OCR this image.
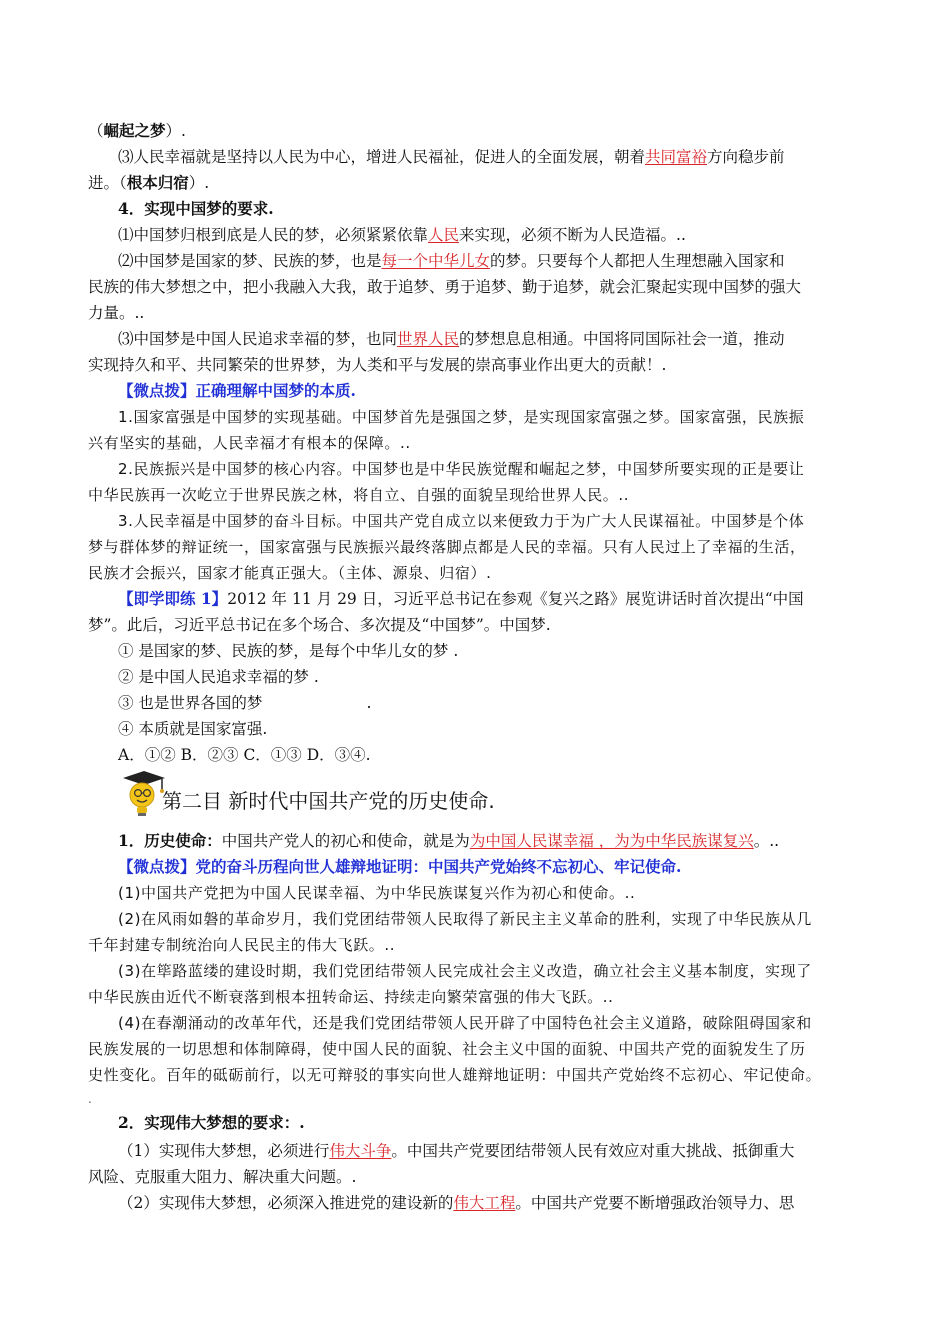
（崛起之梦）.
⑶人民幸福就是坚持以人民为中心，增进人民福祉，促进人的全面发展，朝着共同富裕方向稳步前
进。（根本归宿）.
4．实现中国梦的要求.
⑴中国梦归根到底是人民的梦，必须紧紧依靠人民来实现，必须不断为人民造福。..
⑵中国梦是国家的梦、民族的梦，也是每一个中华儿女的梦。只要每个人都把人生理想融入国家和
民族的伟大梦想之中，把小我融入大我，敢于追梦、勇于追梦、勤于追梦，就会汇聚起实现中国梦的强大
力量。..
⑶中国梦是中国人民追求幸福的梦，也同世界人民的梦想息息相通。中国将同国际社会一道，推动
实现持久和平、共同繁荣的世界梦，为人类和平与发展的崇高事业作出更大的贡献！.
【微点拨】正确理解中国梦的本质.
1.国家富强是中国梦的实现基础。中国梦首先是强国之梦，是实现国家富强之梦。国家富强，民族振
兴有坚实的基础，人民幸福才有根本的保障。..
2.民族振兴是中国梦的核心内容。中国梦也是中华民族觉醒和崛起之梦，中国梦所要实现的正是要让
中华民族再一次屹立于世界民族之林，将自立、自强的面貌呈现给世界人民。..
3.人民幸福是中国梦的奋斗目标。中国共产党自成立以来便致力于为广大人民谋福祉。中国梦是个体
梦与群体梦的辩证统一，国家富强与民族振兴最终落脚点都是人民的幸福。只有人民过上了幸福的生活，
民族才会振兴，国家才能真正强大。（主体、源泉、归宿）.
【即学即练 1】2012 年 11 月 29 日，习近平总书记在参观《复兴之路》展览讲话时首次提出“中国
梦”。此后，习近平总书记在多个场合、多次提及“中国梦”。中国梦.
① 是国家的梦、民族的梦，是每个中华儿女的梦 .
② 是中国人民追求幸福的梦 .
③ 也是世界各国的梦	.
④ 本质就是国家富强.
A．①② B．②③ C．①③ D．③④.
第二目 新时代中国共产党的历史使命.
1．历史使命：中国共产党人的初心和使命，就是为为中国人民谋幸福 ，为为中华民族谋复兴。..
【微点拨】党的奋斗历程向世人雄辩地证明：中国共产党始终不忘初心、牢记使命.
(1)中国共产党把为中国人民谋幸福、为中华民族谋复兴作为初心和使命。..
(2)在风雨如磐的革命岁月，我们党团结带领人民取得了新民主主义革命的胜利，实现了中华民族从几
千年封建专制统治向人民民主的伟大飞跃。..
(3)在筚路蓝缕的建设时期，我们党团结带领人民完成社会主义改造，确立社会主义基本制度，实现了
中华民族由近代不断衰落到根本扭转命运、持续走向繁荣富强的伟大飞跃。..
(4)在春潮涌动的改革年代，还是我们党团结带领人民开辟了中国特色社会主义道路，破除阻碍国家和
民族发展的一切思想和体制障碍，使中国人民的面貌、社会主义中国的面貌、中国共产党的面貌发生了历
史性变化。百年的砥砺前行，以无可辩驳的事实向世人雄辩地证明：中国共产党始终不忘初心、牢记使命。
.
2．实现伟大梦想的要求：.
（1）实现伟大梦想，必须进行伟大斗争。中国共产党要团结带领人民有效应对重大挑战、抵御重大
风险、克服重大阻力、解决重大问题。.
（2）实现伟大梦想，必须深入推进党的建设新的伟大工程。中国共产党要不断增强政治领导力、思
